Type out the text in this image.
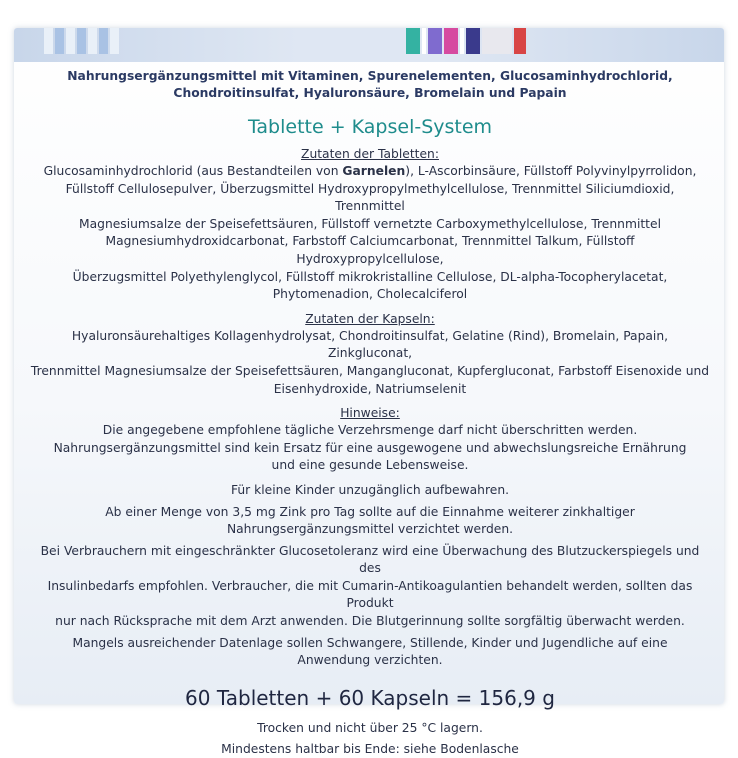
Nahrungsergänzungsmittel mit Vitaminen, Spurenelementen, Glucosaminhydrochlorid,
Chondroitinsulfat, Hyaluronsäure, Bromelain und Papain
Tablette + Kapsel-System
Zutaten der Tabletten:
Glucosaminhydrochlorid (aus Bestandteilen von Garnelen), L-Ascorbinsäure, Füllstoff Polyvinylpyrrolidon,
Füllstoff Cellulosepulver, Überzugsmittel Hydroxypropylmethylcellulose, Trennmittel Siliciumdioxid, Trennmittel
Magnesiumsalze der Speisefettsäuren, Füllstoff vernetzte Carboxymethylcellulose, Trennmittel
Magnesiumhydroxidcarbonat, Farbstoff Calciumcarbonat, Trennmittel Talkum, Füllstoff Hydroxypropylcellulose,
Überzugsmittel Polyethylenglycol, Füllstoff mikrokristalline Cellulose, DL-alpha-Tocopherylacetat,
Phytomenadion, Cholecalciferol
Zutaten der Kapseln:
Hyaluronsäurehaltiges Kollagenhydrolysat, Chondroitinsulfat, Gelatine (Rind), Bromelain, Papain, Zinkgluconat,
Trennmittel Magnesiumsalze der Speisefettsäuren, Mangangluconat, Kupfergluconat, Farbstoff Eisenoxide und
Eisenhydroxide, Natriumselenit
Hinweise:
Die angegebene empfohlene tägliche Verzehrsmenge darf nicht überschritten werden.
Nahrungsergänzungsmittel sind kein Ersatz für eine ausgewogene und abwechslungsreiche Ernährung
und eine gesunde Lebensweise.
Für kleine Kinder unzugänglich aufbewahren.
Ab einer Menge von 3,5 mg Zink pro Tag sollte auf die Einnahme weiterer zinkhaltiger
Nahrungsergänzungsmittel verzichtet werden.
Bei Verbrauchern mit eingeschränkter Glucosetoleranz wird eine Überwachung des Blutzuckerspiegels und des
Insulinbedarfs empfohlen. Verbraucher, die mit Cumarin-Antikoagulantien behandelt werden, sollten das Produkt
nur nach Rücksprache mit dem Arzt anwenden. Die Blutgerinnung sollte sorgfältig überwacht werden.
Mangels ausreichender Datenlage sollen Schwangere, Stillende, Kinder und Jugendliche auf eine
Anwendung verzichten.
60 Tabletten + 60 Kapseln = 156,9 g
Trocken und nicht über 25 °C lagern.
Mindestens haltbar bis Ende: siehe Bodenlasche
